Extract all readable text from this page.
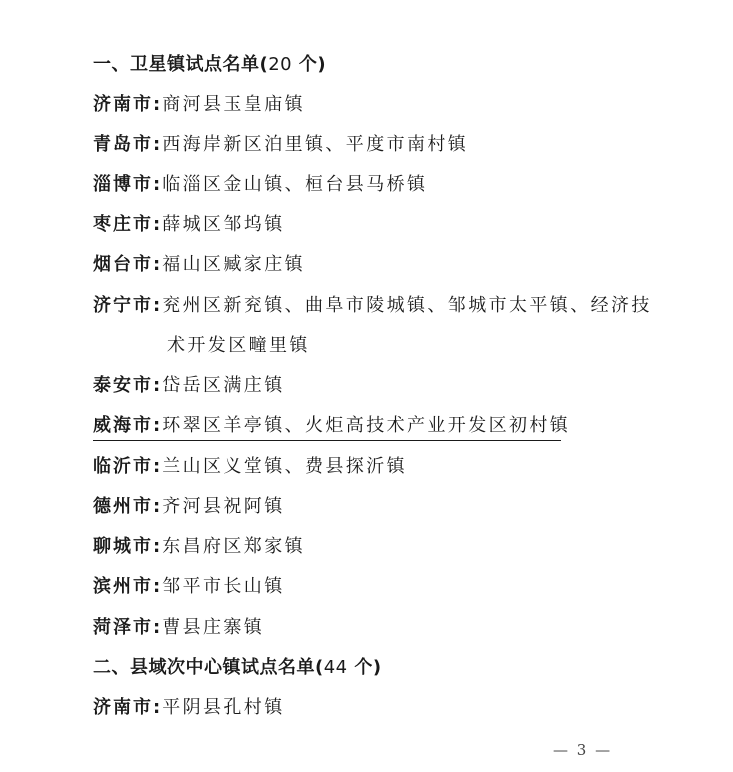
一、卫星镇试点名单(20 个)
济南市:商河县玉皇庙镇
青岛市:西海岸新区泊里镇、平度市南村镇
淄博市:临淄区金山镇、桓台县马桥镇
枣庄市:薛城区邹坞镇
烟台市:福山区臧家庄镇
济宁市:兖州区新兖镇、曲阜市陵城镇、邹城市太平镇、经济技
术开发区疃里镇
泰安市:岱岳区满庄镇
威海市:环翠区羊亭镇、火炬高技术产业开发区初村镇
临沂市:兰山区义堂镇、费县探沂镇
德州市:齐河县祝阿镇
聊城市:东昌府区郑家镇
滨州市:邹平市长山镇
菏泽市:曹县庄寨镇
二、县域次中心镇试点名单(44 个)
济南市:平阴县孔村镇
— 3 —
